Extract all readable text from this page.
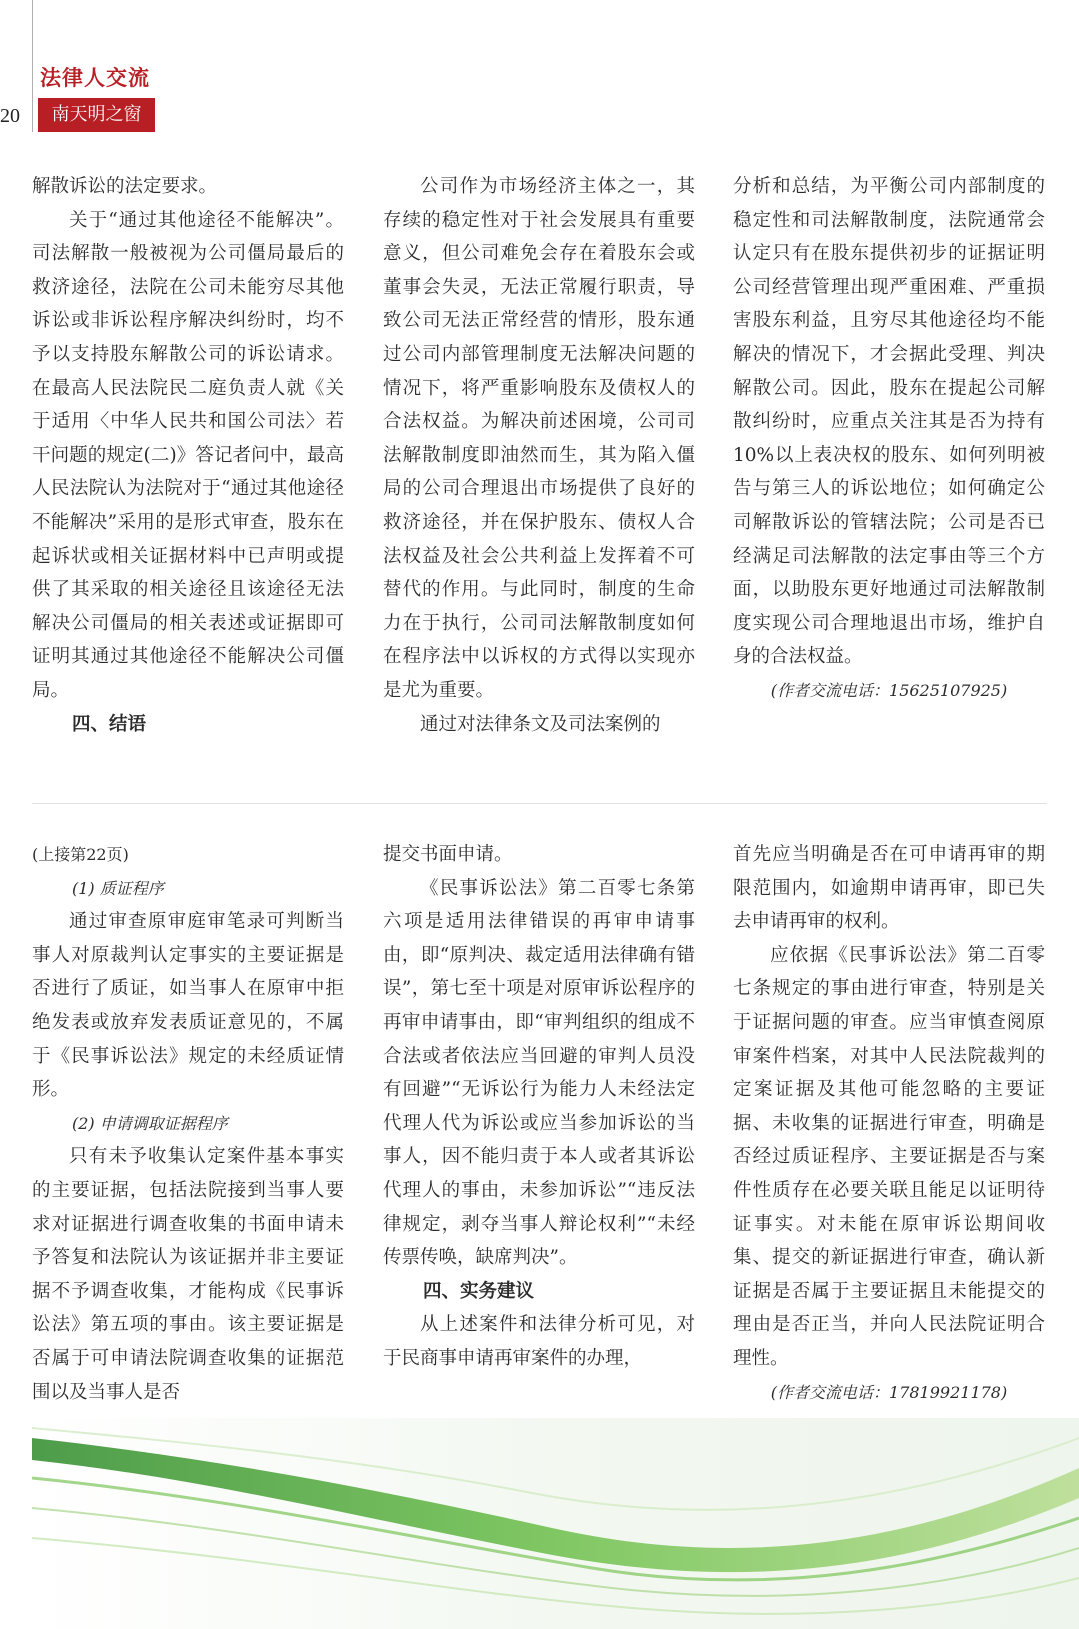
20
法律人交流
南天明之窗

解散诉讼的法定要求。

关于“通过其他途径不能解决”。司法解散一般被视为公司僵局最后的救济途径，法院在公司未能穷尽其他诉讼或非诉讼程序解决纠纷时，均不予以支持股东解散公司的诉讼请求。在最高人民法院民二庭负责人就《关于适用〈中华人民共和国公司法〉若干问题的规定(二)》答记者问中，最高人民法院认为法院对于“通过其他途径不能解决”采用的是形式审查，股东在起诉状或相关证据材料中已声明或提供了其采取的相关途径且该途径无法解决公司僵局的相关表述或证据即可证明其通过其他途径不能解决公司僵局。

四、结语

公司作为市场经济主体之一，其存续的稳定性对于社会发展具有重要意义，但公司难免会存在着股东会或董事会失灵，无法正常履行职责，导致公司无法正常经营的情形，股东通过公司内部管理制度无法解决问题的情况下，将严重影响股东及债权人的合法权益。为解决前述困境，公司司法解散制度即油然而生，其为陷入僵局的公司合理退出市场提供了良好的救济途径，并在保护股东、债权人合法权益及社会公共利益上发挥着不可替代的作用。与此同时，制度的生命力在于执行，公司司法解散制度如何在程序法中以诉权的方式得以实现亦是尤为重要。

通过对法律条文及司法案例的

分析和总结，为平衡公司内部制度的稳定性和司法解散制度，法院通常会认定只有在股东提供初步的证据证明公司经营管理出现严重困难、严重损害股东利益，且穷尽其他途径均不能解决的情况下，才会据此受理、判决解散公司。因此，股东在提起公司解散纠纷时，应重点关注其是否为持有10%以上表决权的股东、如何列明被告与第三人的诉讼地位；如何确定公司解散诉讼的管辖法院；公司是否已经满足司法解散的法定事由等三个方面，以助股东更好地通过司法解散制度实现公司合理地退出市场，维护自身的合法权益。

(作者交流电话：15625107925)

(上接第22页)

(1) 质证程序

通过审查原审庭审笔录可判断当事人对原裁判认定事实的主要证据是否进行了质证，如当事人在原审中拒绝发表或放弃发表质证意见的，不属于《民事诉讼法》规定的未经质证情形。

(2) 申请调取证据程序

只有未予收集认定案件基本事实的主要证据，包括法院接到当事人要求对证据进行调查收集的书面申请未予答复和法院认为该证据并非主要证据不予调查收集，才能构成《民事诉讼法》第五项的事由。该主要证据是否属于可申请法院调查收集的证据范围以及当事人是否

提交书面申请。

《民事诉讼法》第二百零七条第六项是适用法律错误的再审申请事由，即“原判决、裁定适用法律确有错误”，第七至十项是对原审诉讼程序的再审申请事由，即“审判组织的组成不合法或者依法应当回避的审判人员没有回避”“无诉讼行为能力人未经法定代理人代为诉讼或应当参加诉讼的当事人，因不能归责于本人或者其诉讼代理人的事由，未参加诉讼”“违反法律规定，剥夺当事人辩论权利”“未经传票传唤，缺席判决”。

四、实务建议

从上述案件和法律分析可见，对于民商事申请再审案件的办理，

首先应当明确是否在可申请再审的期限范围内，如逾期申请再审，即已失去申请再审的权利。

应依据《民事诉讼法》第二百零七条规定的事由进行审查，特别是关于证据问题的审查。应当审慎查阅原审案件档案，对其中人民法院裁判的定案证据及其他可能忽略的主要证据、未收集的证据进行审查，明确是否经过质证程序、主要证据是否与案件性质存在必要关联且能足以证明待证事实。对未能在原审诉讼期间收集、提交的新证据进行审查，确认新证据是否属于主要证据且未能提交的理由是否正当，并向人民法院证明合理性。

(作者交流电话：17819921178)
